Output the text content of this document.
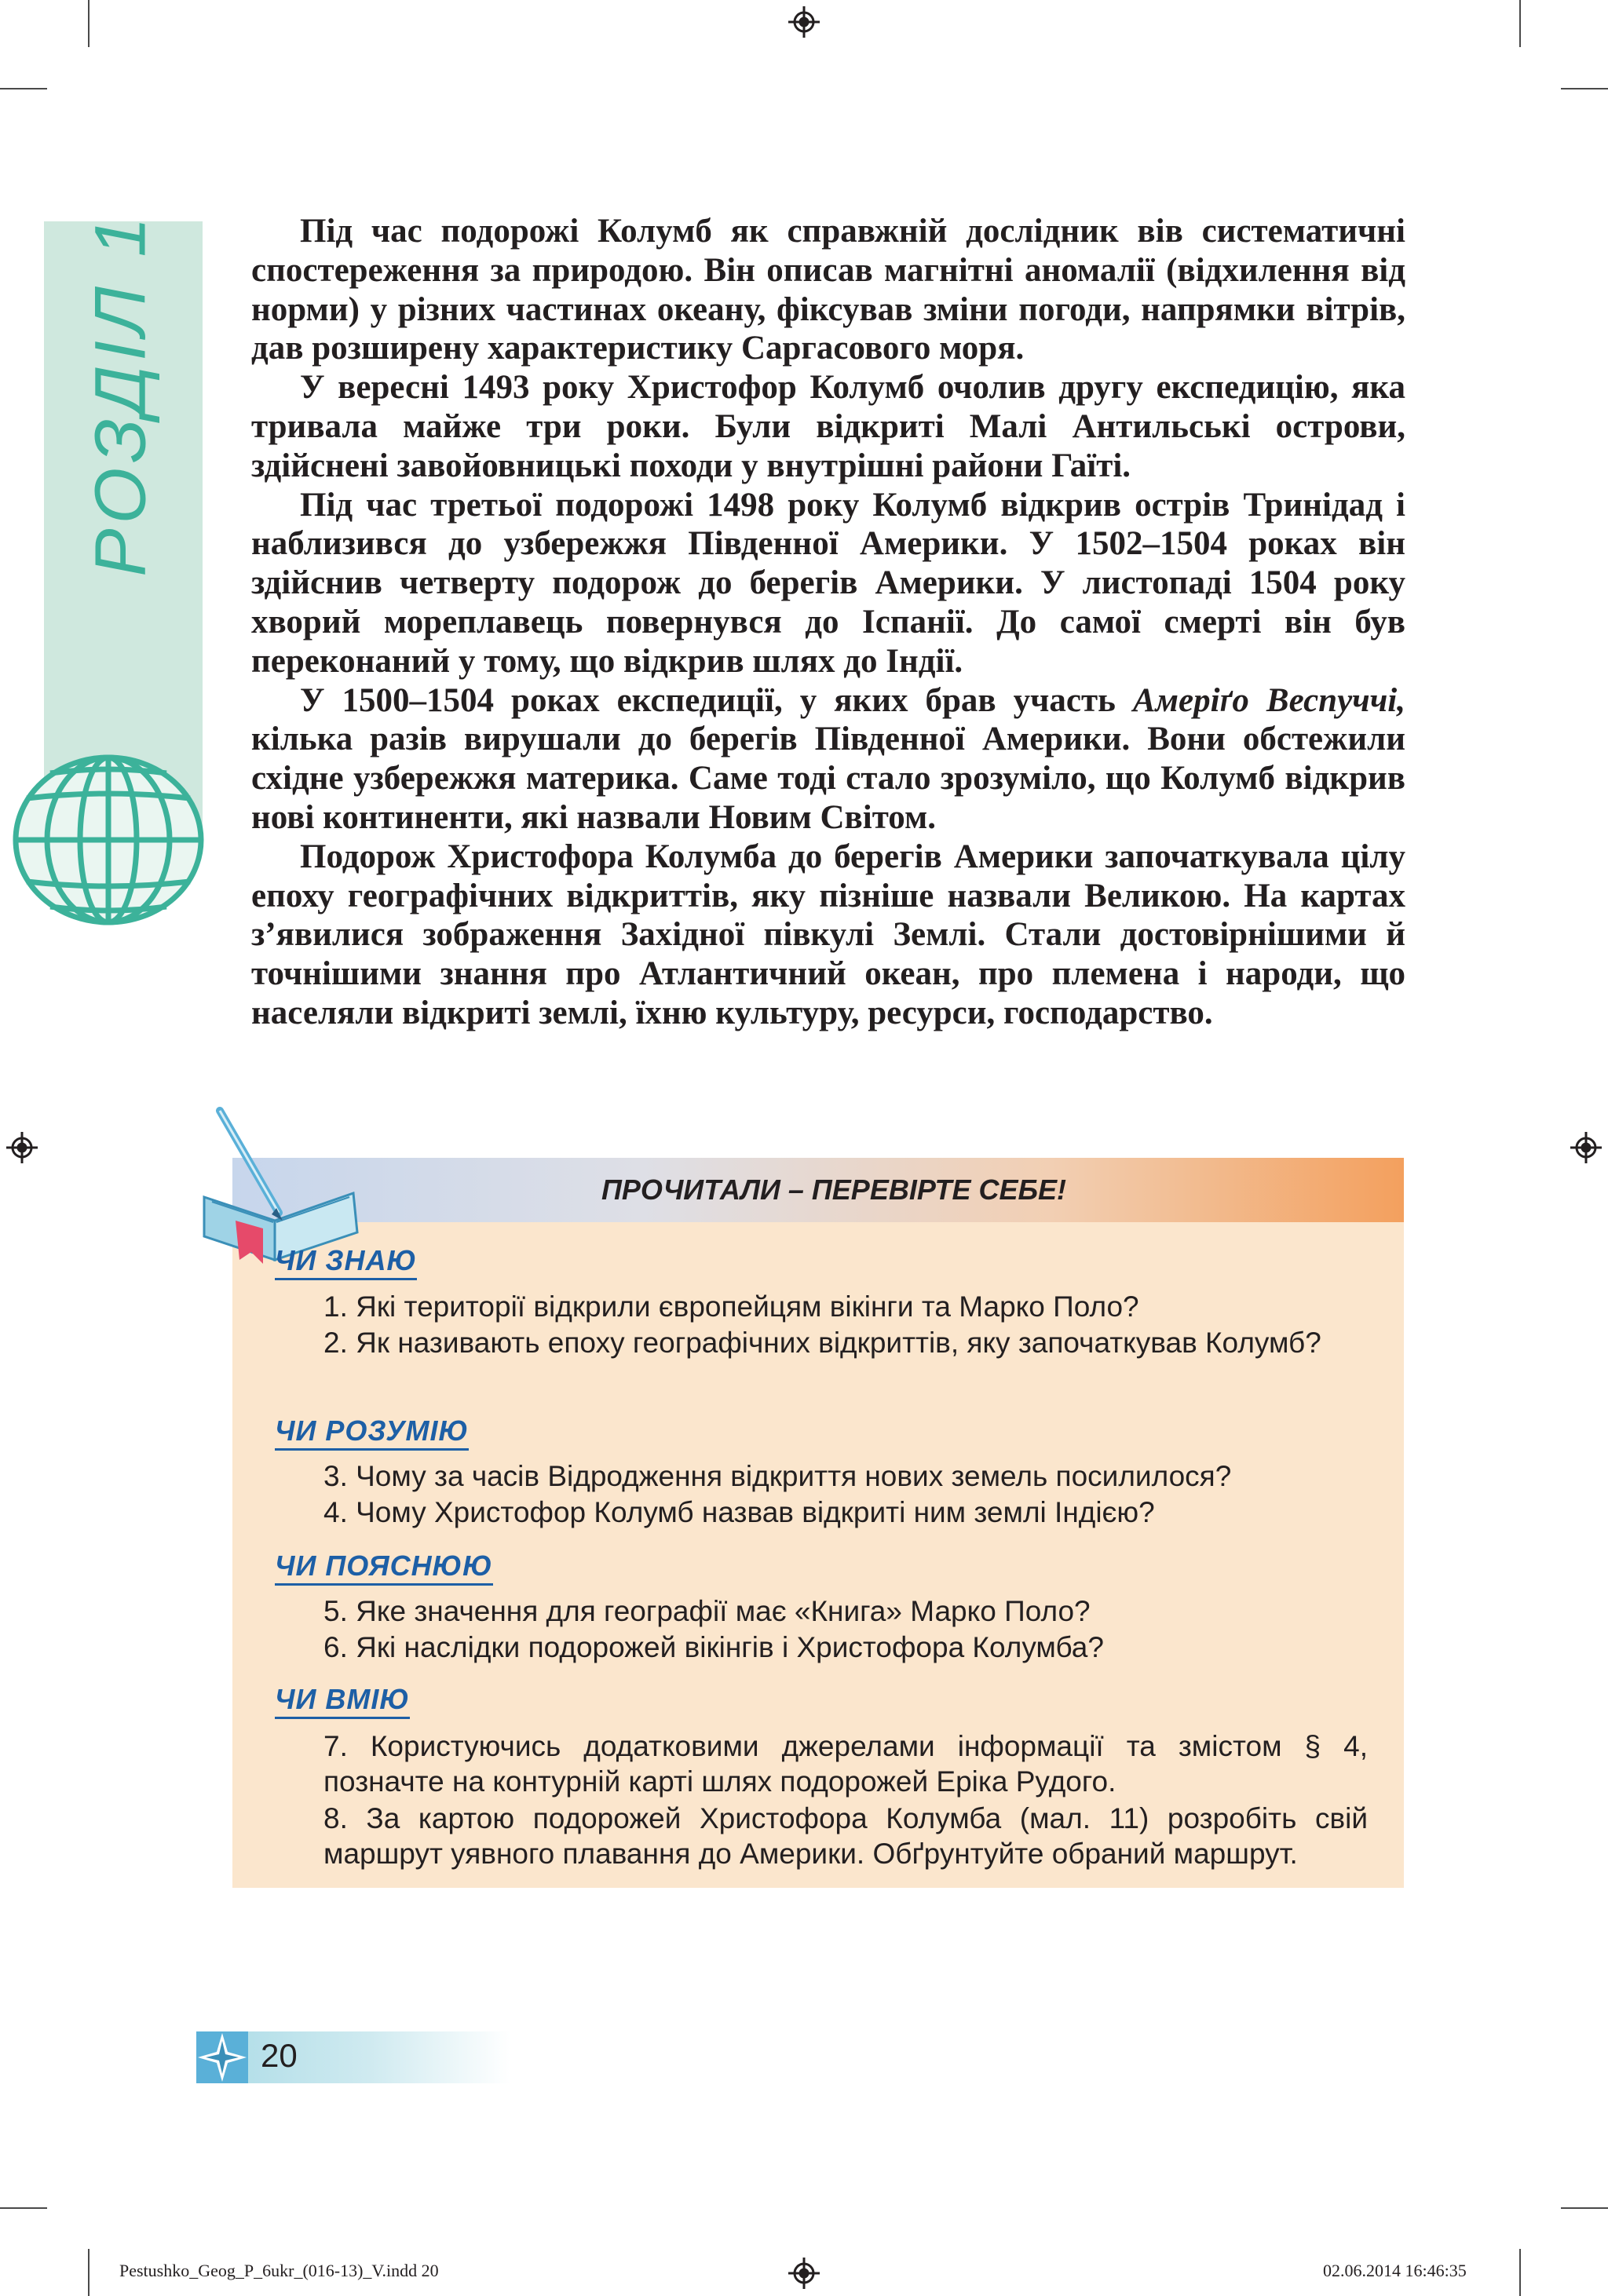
РОЗДІЛ 1	Під час подорожі Колумб як справжній дослідник вів систематичні спостереження за природою. Він описав магнітні аномалії (відхилення від норми) у різних частинах океану, фіксував зміни погоди, напрямки вітрів, дав розширену характеристику Саргасового моря.

У вересні 1493 року Христофор Колумб очолив другу експедицію, яка тривала майже три роки. Були відкриті Малі Антильські острови, здійснені завойовницькі походи у внутрішні райони Гаїті.

Під час третьої подорожі 1498 року Колумб відкрив острів Тринідад і наблизився до узбережжя Південної Америки. У 1502–1504 роках він здійснив четверту подорож до берегів Америки. У листопаді 1504 року хворий мореплавець повернувся до Іспанії. До самої смерті він був переконаний у тому, що відкрив шлях до Індії.

У 1500–1504 роках експедиції, у яких брав участь Амеріґо Веспуччі, кілька разів вирушали до берегів Південної Америки. Вони обстежили східне узбережжя материка. Саме тоді стало зрозуміло, що Колумб відкрив нові континенти, які назвали Новим Світом.

Подорож Христофора Колумба до берегів Америки започаткувала цілу епоху географічних відкриттів, яку пізніше назвали Великою. На картах з’явилися зображення Західної півкулі Землі. Стали достовірнішими й точнішими знання про Атлантичний океан, про племена і народи, що населяли відкриті землі, їхню культуру, ресурси, господарство.

ПРОЧИТАЛИ – ПЕРЕВІРТЕ СЕБЕ!
ЧИ ЗНАЮ
1. Які території відкрили європейцям вікінги та Марко Поло?
2. Як називають епоху географічних відкриттів, яку започаткував Колумб?
ЧИ РОЗУМІЮ
3. Чому за часів Відродження відкриття нових земель посилилося?
4. Чому Христофор Колумб назвав відкриті ним землі Індією?
ЧИ ПОЯСНЮЮ
5. Яке значення для географії має «Книга» Марко Поло?
6. Які наслідки подорожей вікінгів і Христофора Колумба?
ЧИ ВМІЮ
7. Користуючись додатковими джерелами інформації та змістом § 4, позначте на контурній карті шлях подорожей Еріка Рудого.
8. За картою подорожей Христофора Колумба (мал. 11) розробіть свій маршрут уявного плавання до Америки. Обґрунтуйте обраний маршрут.
20
Pestushko_Geog_P_6ukr_(016-13)_V.indd 20	02.06.2014 16:46:35
